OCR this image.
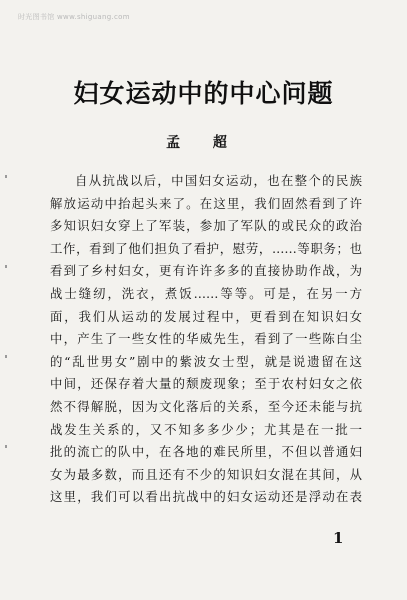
时光图书馆 www.shiguang.com
妇女运动中的中心问题
孟 超
自从抗战以后，中国妇女运动，也在整个的民族
解放运动中抬起头来了。在这里，我们固然看到了许
多知识妇女穿上了军装，参加了军队的或民众的政治
工作，看到了他们担负了看护，慰劳，……等职务；也
看到了乡村妇女，更有许许多多的直接协助作战，为
战士缝纫，洗衣，煮饭……等等。可是，在另一方
面，我们从运动的发展过程中，更看到在知识妇女
中，产生了一些女性的华威先生，看到了一些陈白尘
的“乱世男女”剧中的紫波女士型，就是说遗留在这
中间，还保存着大量的颓废现象；至于农村妇女之依
然不得解脱，因为文化落后的关系，至今还未能与抗
战发生关系的，又不知多多少少；尤其是在一批一
批的流亡的队中，在各地的难民所里，不但以普通妇
女为最多数，而且还有不少的知识妇女混在其间，从
这里，我们可以看出抗战中的妇女运动还是浮动在表
1
